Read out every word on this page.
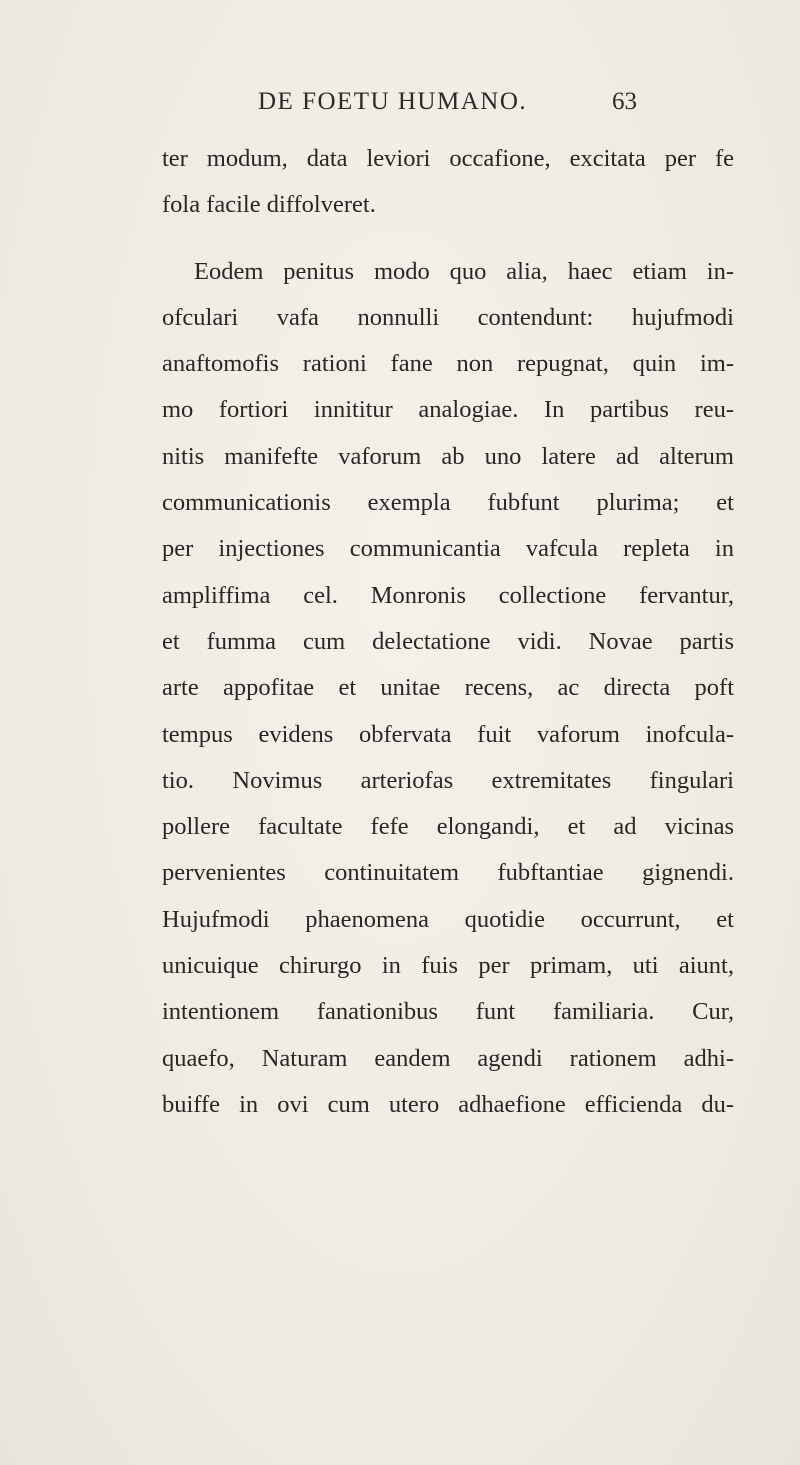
DE FOETU HUMANO.	63
ter modum, data leviori occafione, excitata per fe
fola facile diffolveret.
Eodem penitus modo quo alia, haec etiam in-
ofculari vafa nonnulli contendunt: hujufmodi
anaftomofis rationi fane non repugnat, quin im-
mo fortiori innititur analogiae. In partibus reu-
nitis manifefte vaforum ab uno latere ad alterum
communicationis exempla fubfunt plurima; et
per injectiones communicantia vafcula repleta in
ampliffima cel. Monronis collectione fervantur,
et fumma cum delectatione vidi. Novae partis
arte appofitae et unitae recens, ac directa poft
tempus evidens obfervata fuit vaforum inofcula-
tio. Novimus arteriofas extremitates fingulari
pollere facultate fefe elongandi, et ad vicinas
pervenientes continuitatem fubftantiae gignendi.
Hujufmodi phaenomena quotidie occurrunt, et
unicuique chirurgo in fuis per primam, uti aiunt,
intentionem fanationibus funt familiaria. Cur,
quaefo, Naturam eandem agendi rationem adhi-
buiffe in ovi cum utero adhaefione efficienda du-
